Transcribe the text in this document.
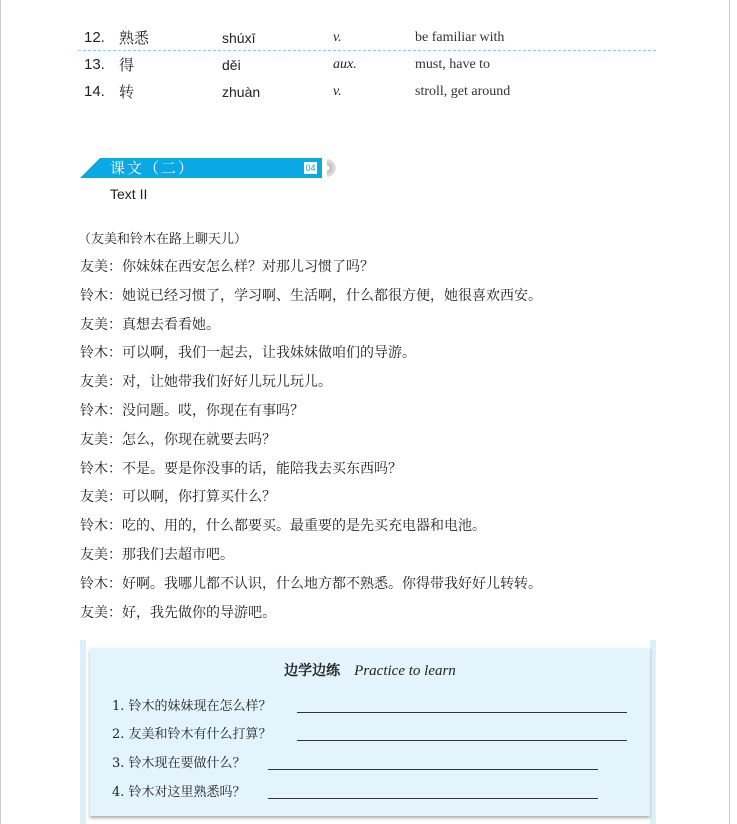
12. 熟悉	shúxī	v.	be familiar with
13. 得	děi	aux.	must, have to
14. 转	zhuàn	v.	stroll, get around
课文（二）	04
Text II
（友美和铃木在路上聊天儿）
友美：你妹妹在西安怎么样？对那儿习惯了吗？
铃木：她说已经习惯了，学习啊、生活啊，什么都很方便，她很喜欢西安。
友美：真想去看看她。
铃木：可以啊，我们一起去，让我妹妹做咱们的导游。
友美：对，让她带我们好好儿玩儿玩儿。
铃木：没问题。哎，你现在有事吗？
友美：怎么，你现在就要去吗？
铃木：不是。要是你没事的话，能陪我去买东西吗？
友美：可以啊，你打算买什么？
铃木：吃的、用的，什么都要买。最重要的是先买充电器和电池。
友美：那我们去超市吧。
铃木：好啊。我哪儿都不认识，什么地方都不熟悉。你得带我好好儿转转。
友美：好，我先做你的导游吧。
边学边练 Practice to learn
1. 铃木的妹妹现在怎么样？
2. 友美和铃木有什么打算？
3. 铃木现在要做什么？
4. 铃木对这里熟悉吗？
